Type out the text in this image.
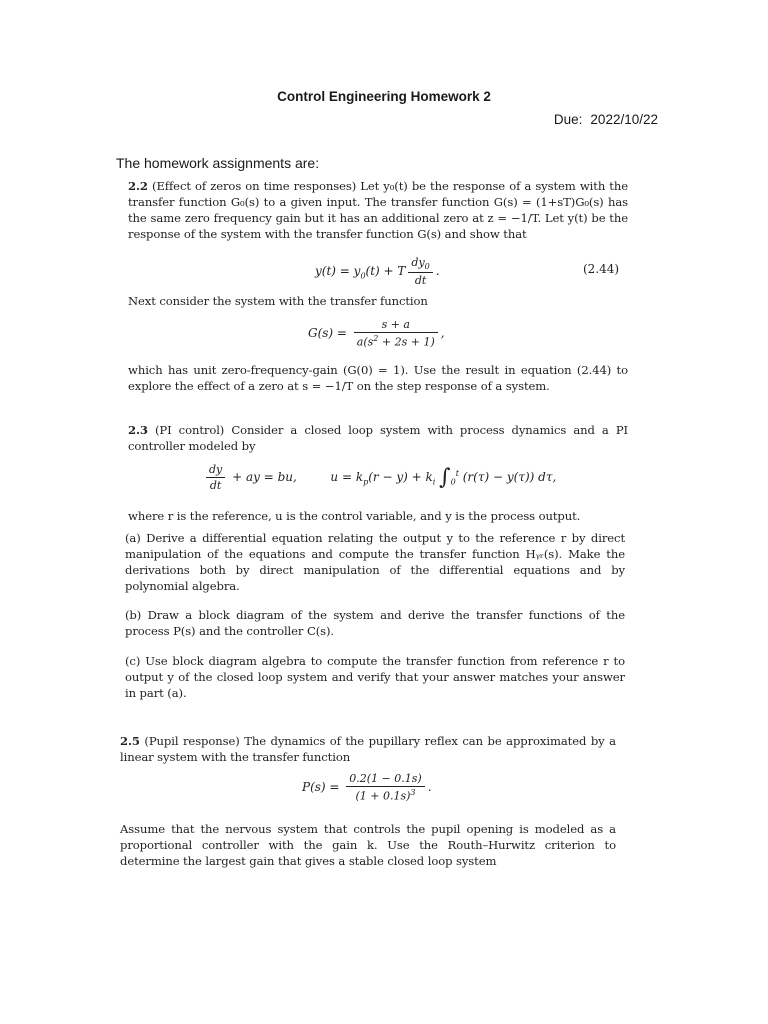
Control Engineering Homework 2
Due: 2022/10/22
The homework assignments are:
2.2 (Effect of zeros on time responses) Let y₀(t) be the response of a system with the transfer function G₀(s) to a given input. The transfer function G(s) = (1+sT)G₀(s) has the same zero frequency gain but it has an additional zero at z = −1/T. Let y(t) be the response of the system with the transfer function G(s) and show that
$y(t) = y_0(t) + T \frac{dy_0}{dt}$ .	(2.44)
Next consider the system with the transfer function
$G(s) = \frac{s + a}{a(s^2 + 2s + 1)}$ ,
which has unit zero-frequency-gain (G(0) = 1). Use the result in equation (2.44) to explore the effect of a zero at s = −1/T on the step response of a system.
2.3 (PI control) Consider a closed loop system with process dynamics and a PI controller modeled by
$\frac{dy}{dt}$ + ay = bu,  $u = k_p(r - y) + k_i$ $\int_0^t$ (r(τ) − y(τ)) dτ,
where r is the reference, u is the control variable, and y is the process output.
(a) Derive a differential equation relating the output y to the reference r by direct manipulation of the equations and compute the transfer function Hᵧᵣ(s). Make the derivations both by direct manipulation of the differential equations and by polynomial algebra.
(b) Draw a block diagram of the system and derive the transfer functions of the process P(s) and the controller C(s).
(c) Use block diagram algebra to compute the transfer function from reference r to output y of the closed loop system and verify that your answer matches your answer in part (a).
2.5 (Pupil response) The dynamics of the pupillary reflex can be approximated by a linear system with the transfer function
$P(s) = \frac{0.2(1 - 0.1s)}{(1 + 0.1s)^3}$ .
Assume that the nervous system that controls the pupil opening is modeled as a proportional controller with the gain k. Use the Routh–Hurwitz criterion to determine the largest gain that gives a stable closed loop system
